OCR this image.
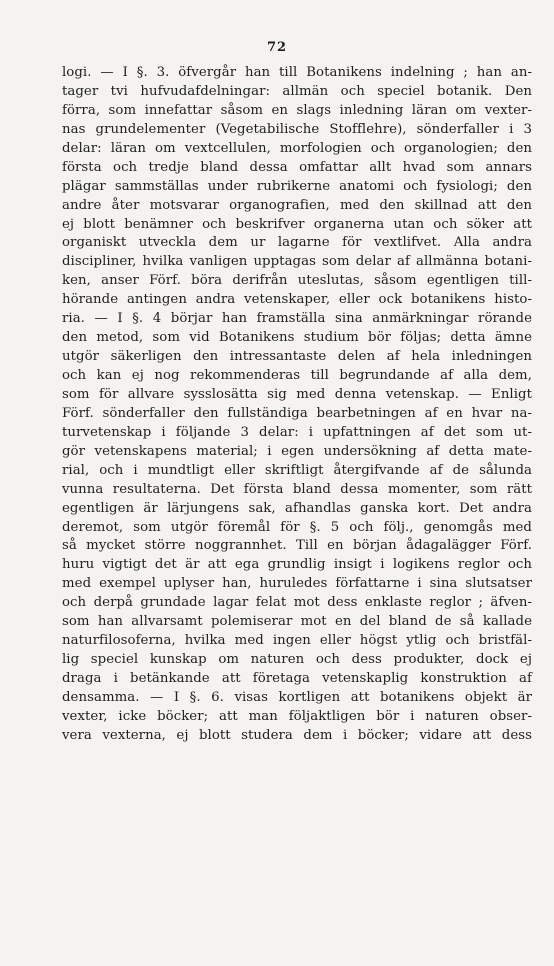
72
logi. — I §. 3. öfvergår han till Botanikens indelning ; han an-
tager tvi hufvudafdelningar: allmän och speciel botanik. Den
förra, som innefattar såsom en slags inledning läran om vexter-
nas grundelementer (Vegetabilische Stofflehre), sönderfaller i 3
delar: läran om vextcellulen, morfologien och organologien; den
första och tredje bland dessa omfattar allt hvad som annars
plägar sammställas under rubrikerne anatomi och fysiologi; den
andre åter motsvarar organografien, med den skillnad att den
ej blott benämner och beskrifver organerna utan och söker att
organiskt utveckla dem ur lagarne för vextlifvet. Alla andra
discipliner, hvilka vanligen upptagas som delar af allmänna botani-
ken, anser Förf. böra derifrån uteslutas, såsom egentligen till-
hörande antingen andra vetenskaper, eller ock botanikens histo-
ria. — I §. 4 börjar han framställa sina anmärkningar rörande
den metod, som vid Botanikens studium bör följas; detta ämne
utgör säkerligen den intressantaste delen af hela inledningen
och kan ej nog rekommenderas till begrundande af alla dem,
som för allvare sysslosätta sig med denna vetenskap. — Enligt
Förf. sönderfaller den fullständiga bearbetningen af en hvar na-
turvetenskap i följande 3 delar: i upfattningen af det som ut-
gör vetenskapens material; i egen undersökning af detta mate-
rial, och i mundtligt eller skriftligt återgifvande af de sålunda
vunna resultaterna. Det första bland dessa momenter, som rätt
egentligen är lärjungens sak, afhandlas ganska kort. Det andra
deremot, som utgör föremål för §. 5 och följ., genomgås med
så mycket större noggrannhet. Till en början ådagalägger Förf.
huru vigtigt det är att ega grundlig insigt i logikens reglor och
med exempel uplyser han, huruledes författarne i sina slutsatser
och derpå grundade lagar felat mot dess enklaste reglor ; äfven-
som han allvarsamt polemiserar mot en del bland de så kallade
naturfilosoferna, hvilka med ingen eller högst ytlig och bristfäl-
lig speciel kunskap om naturen och dess produkter, dock ej
draga i betänkande att företaga vetenskaplig konstruktion af
densamma. — I §. 6. visas kortligen att botanikens objekt är
vexter, icke böcker; att man följaktligen bör i naturen obser-
vera vexterna, ej blott studera dem i böcker; vidare att dess
